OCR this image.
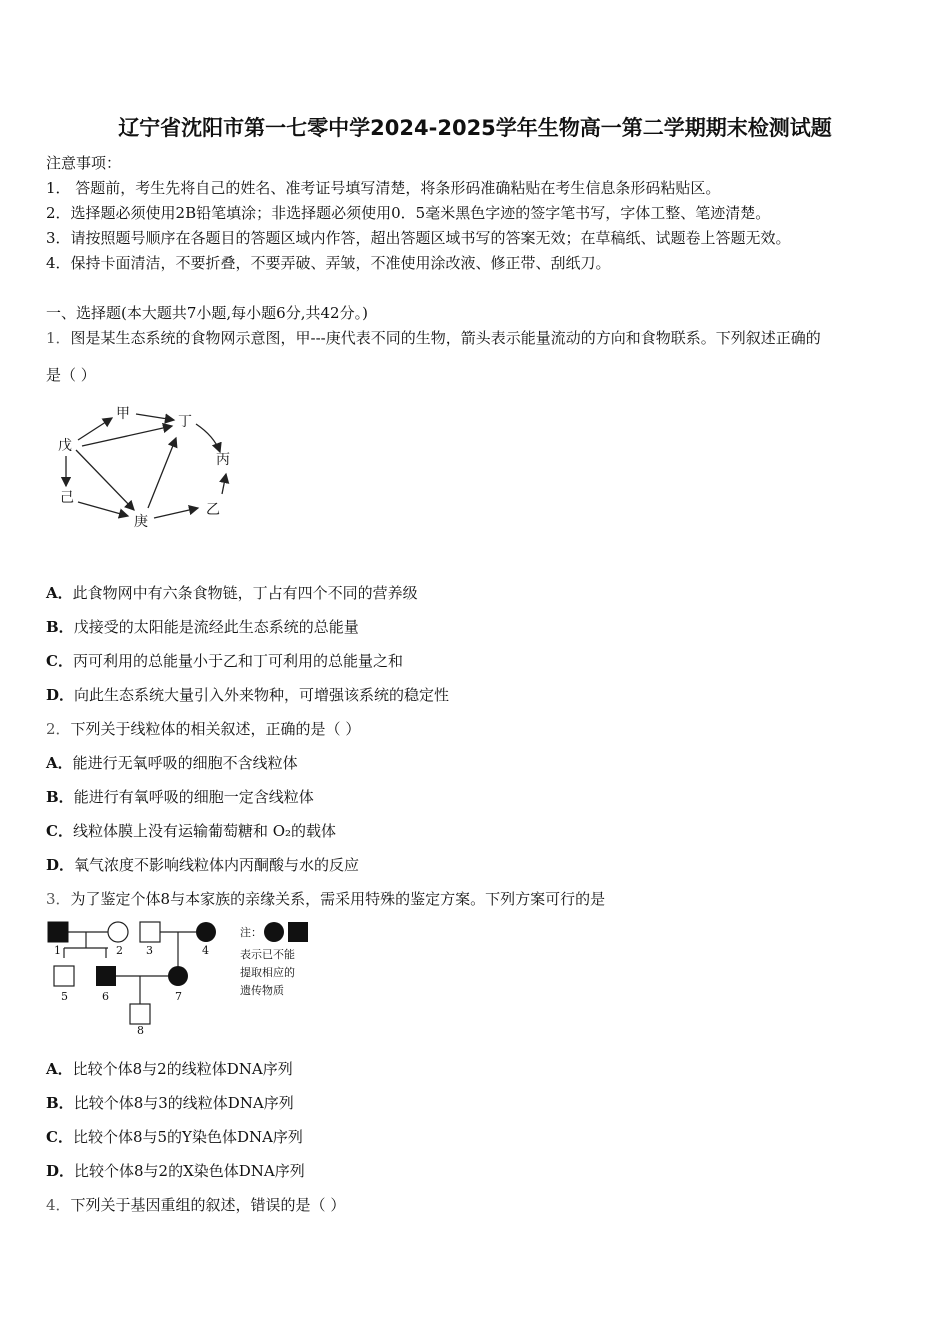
辽宁省沈阳市第一七零中学2024-2025学年生物高一第二学期期末检测试题
注意事项：
1． 答题前，考生先将自己的姓名、准考证号填写清楚，将条形码准确粘贴在考生信息条形码粘贴区。
2．选择题必须使用2B铅笔填涂；非选择题必须使用0．5毫米黑色字迹的签字笔书写，字体工整、笔迹清楚。
3．请按照题号顺序在各题目的答题区域内作答，超出答题区域书写的答案无效；在草稿纸、试题卷上答题无效。
4．保持卡面清洁，不要折叠，不要弄破、弄皱，不准使用涂改液、修正带、刮纸刀。
一、选择题(本大题共7小题,每小题6分,共42分。)
1．图是某生态系统的食物网示意图，甲---庚代表不同的生物，箭头表示能量流动的方向和食物联系。下列叙述正确的
是（ ）
甲	丁
戊
丙
己
庚
乙
A．此食物网中有六条食物链，丁占有四个不同的营养级
B．戊接受的太阳能是流经此生态系统的总能量
C．丙可利用的总能量小于乙和丁可利用的总能量之和
D．向此生态系统大量引入外来物种，可增强该系统的稳定性
2．下列关于线粒体的相关叙述，正确的是（ ）
A．能进行无氧呼吸的细胞不含线粒体
B．能进行有氧呼吸的细胞一定含线粒体
C．线粒体膜上没有运输葡萄糖和 O₂的载体
D．氧气浓度不影响线粒体内丙酮酸与水的反应
3．为了鉴定个体8与本家族的亲缘关系，需采用特殊的鉴定方案。下列方案可行的是
1	2 3	4
5	6	7
8
注：
表示已不能
提取相应的
遗传物质
A．比较个体8与2的线粒体DNA序列
B．比较个体8与3的线粒体DNA序列
C．比较个体8与5的Y染色体DNA序列
D．比较个体8与2的X染色体DNA序列
4．下列关于基因重组的叙述，错误的是（ ）
